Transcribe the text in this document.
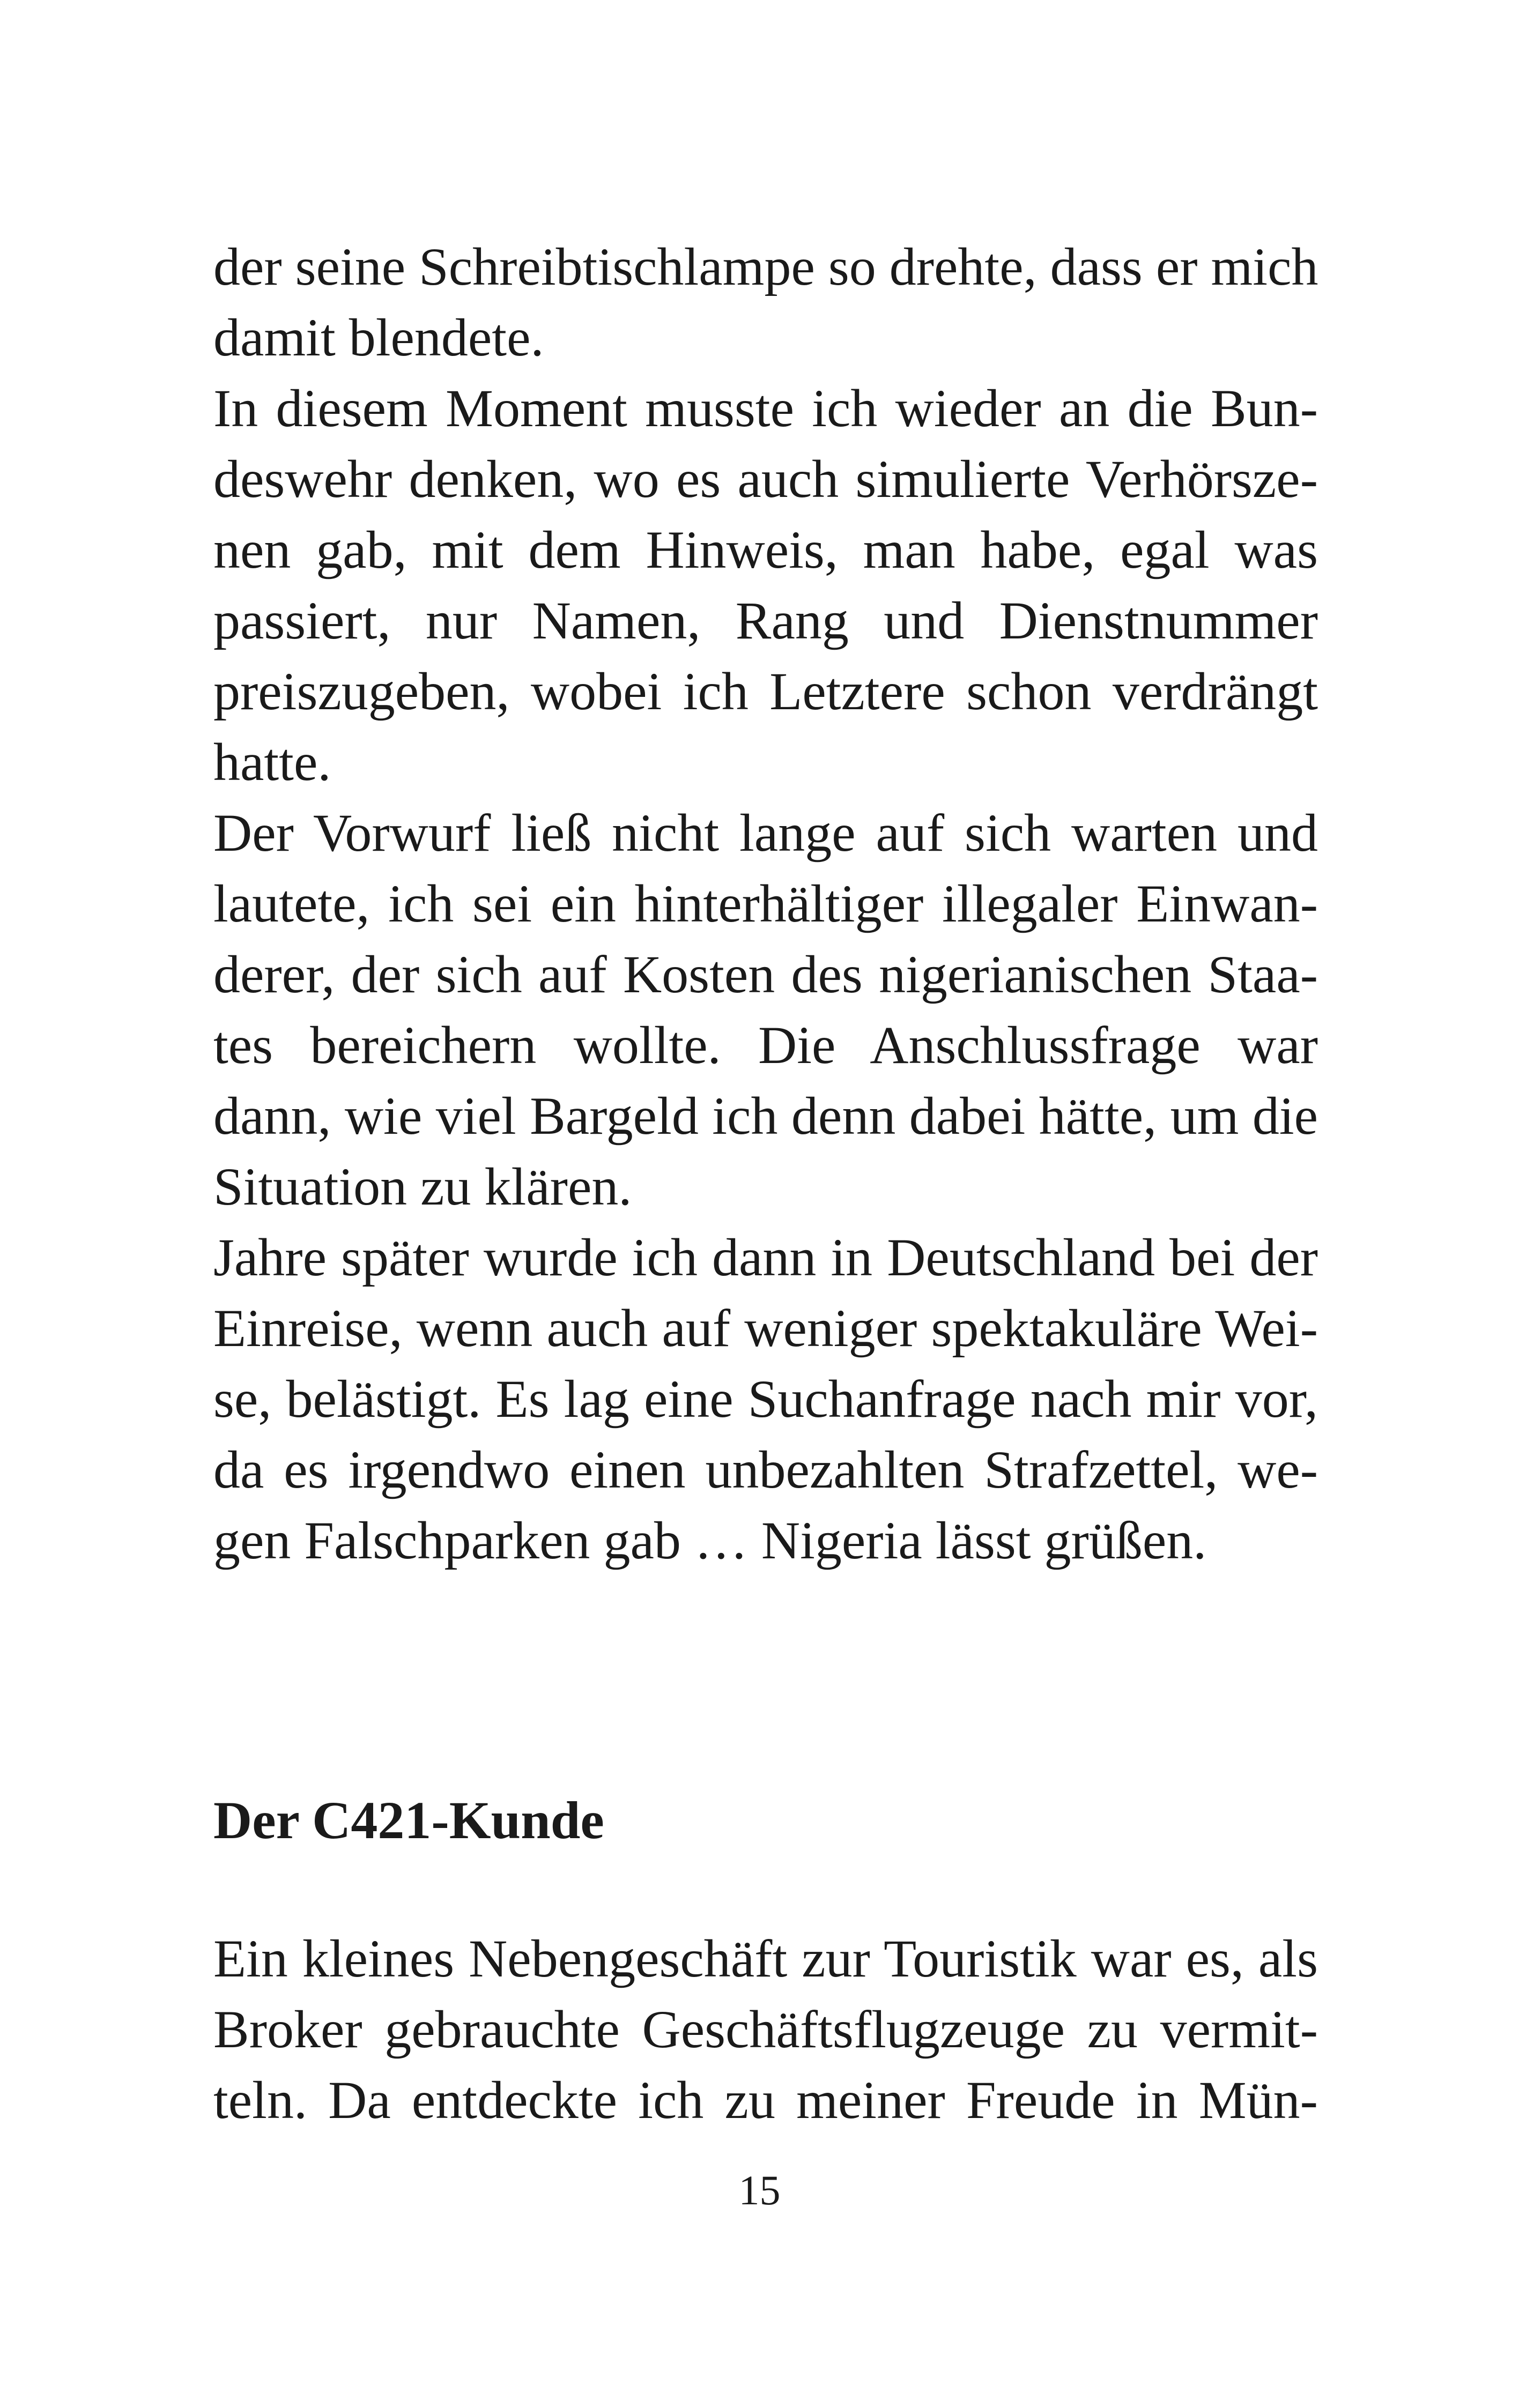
der seine Schreibtischlampe so drehte, dass er mich
damit blendete.
In diesem Moment musste ich wieder an die Bun-
deswehr denken, wo es auch simulierte Verhörsze-
nen gab, mit dem Hinweis, man habe, egal was
passiert, nur Namen, Rang und Dienstnummer
preiszugeben, wobei ich Letztere schon verdrängt
hatte.
Der Vorwurf ließ nicht lange auf sich warten und
lautete, ich sei ein hinterhältiger illegaler Einwan-
derer, der sich auf Kosten des nigerianischen Staa-
tes bereichern wollte. Die Anschlussfrage war
dann, wie viel Bargeld ich denn dabei hätte, um die
Situation zu klären.
Jahre später wurde ich dann in Deutschland bei der
Einreise, wenn auch auf weniger spektakuläre Wei-
se, belästigt. Es lag eine Suchanfrage nach mir vor,
da es irgendwo einen unbezahlten Strafzettel, we-
gen Falschparken gab … Nigeria lässt grüßen.
Der C421-Kunde
Ein kleines Nebengeschäft zur Touristik war es, als
Broker gebrauchte Geschäftsflugzeuge zu vermit-
teln. Da entdeckte ich zu meiner Freude in Mün-
15
